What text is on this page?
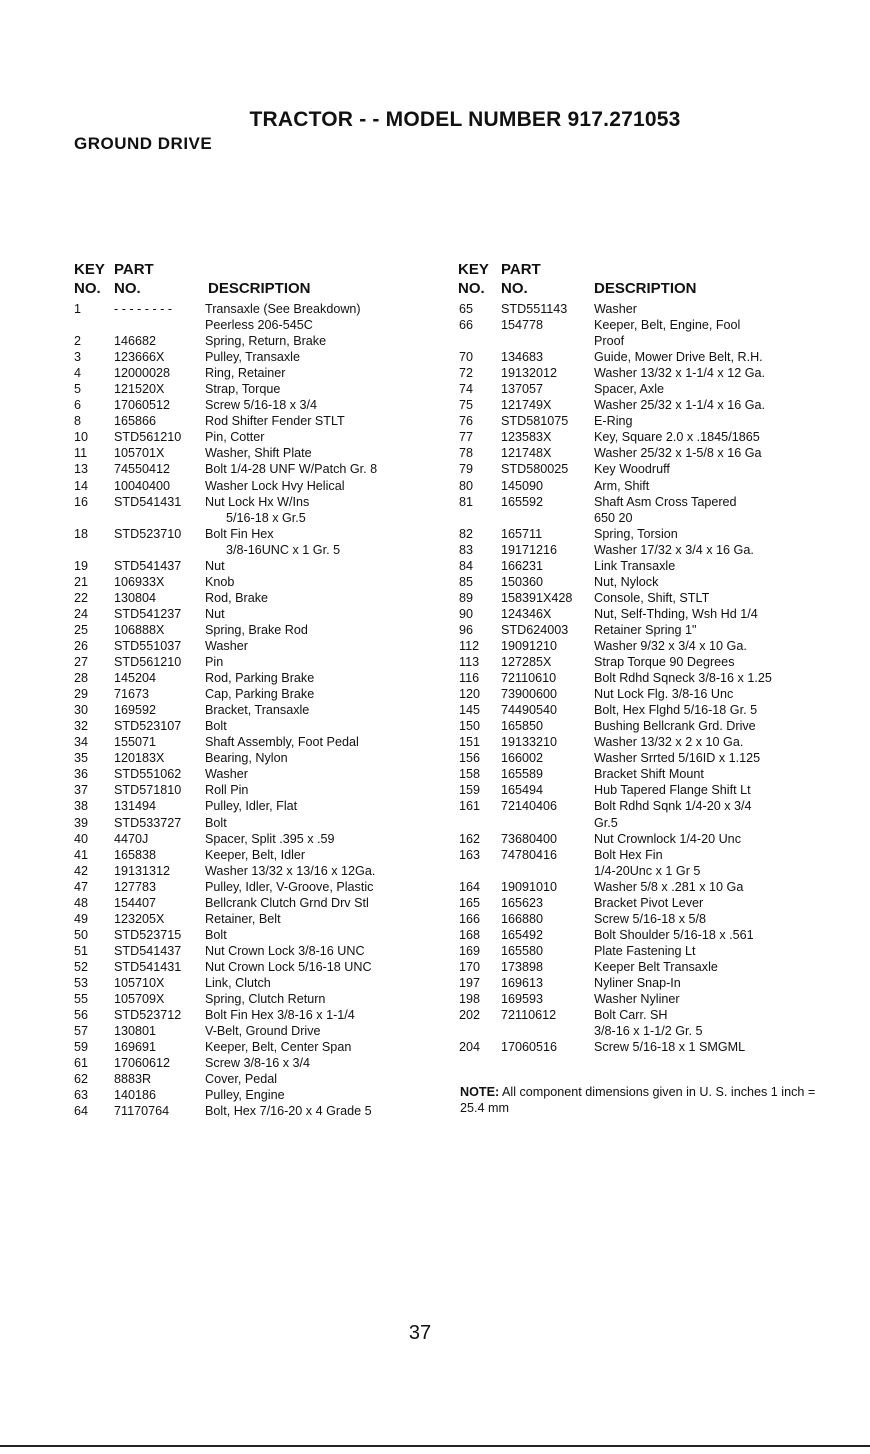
TRACTOR - - MODEL NUMBER 917.271053
GROUND DRIVE
KEY
NO.
PART
NO.	DESCRIPTION
1	- - - - - - - -	Transaxle (See Breakdown)
Peerless 206-545C
2	146682	Spring, Return, Brake
3	123666X	Pulley, Transaxle
4	12000028	Ring, Retainer
5	121520X	Strap, Torque
6	17060512	Screw 5/16-18 x 3/4
8	165866	Rod Shifter Fender STLT
10 STD561210 Pin, Cotter
11 105701X	Washer, Shift Plate
13 74550412	Bolt 1/4-28 UNF W/Patch Gr. 8
14 10040400	Washer Lock Hvy Helical
16 STD541431 Nut Lock Hx W/Ins
5/16-18 x Gr.5
18 STD523710 Bolt Fin Hex
3/8-16UNC x 1 Gr. 5
19 STD541437 Nut
21 106933X	Knob
22 130804	Rod, Brake
24 STD541237 Nut
25 106888X	Spring, Brake Rod
26 STD551037 Washer
27 STD561210 Pin
28 145204	Rod, Parking Brake
29 71673	Cap, Parking Brake
30 169592	Bracket, Transaxle
32 STD523107 Bolt
34 155071	Shaft Assembly, Foot Pedal
35 120183X	Bearing, Nylon
36 STD551062 Washer
37 STD571810 Roll Pin
38 131494	Pulley, Idler, Flat
39 STD533727 Bolt
40 4470J	Spacer, Split .395 x .59
41 165838	Keeper, Belt, Idler
42 19131312	Washer 13/32 x 13/16 x 12Ga.
47 127783	Pulley, Idler, V-Groove, Plastic
48 154407	Bellcrank Clutch Grnd Drv Stl
49 123205X	Retainer, Belt
50 STD523715 Bolt
51 STD541437 Nut Crown Lock 3/8-16 UNC
52 STD541431 Nut Crown Lock 5/16-18 UNC
53 105710X	Link, Clutch
55 105709X	Spring, Clutch Return
56 STD523712 Bolt Fin Hex 3/8-16 x 1-1/4
57 130801	V-Belt, Ground Drive
59 169691	Keeper, Belt, Center Span
61 17060612	Screw 3/8-16 x 3/4
62 8883R	Cover, Pedal
63 140186	Pulley, Engine
64 71170764	Bolt, Hex 7/16-20 x 4 Grade 5
KEY
NO.
PART
NO.	DESCRIPTION
65 STD551143 Washer
66 154778	Keeper, Belt, Engine, Fool
Proof
70 134683	Guide, Mower Drive Belt, R.H.
72 19132012	Washer 13/32 x 1-1/4 x 12 Ga.
74 137057	Spacer, Axle
75 121749X	Washer 25/32 x 1-1/4 x 16 Ga.
76 STD581075 E-Ring
77 123583X	Key, Square 2.0 x .1845/1865
78 121748X	Washer 25/32 x 1-5/8 x 16 Ga
79 STD580025 Key Woodruff
80 145090	Arm, Shift
81 165592	Shaft Asm Cross Tapered
650 20
82 165711	Spring, Torsion
83 19171216	Washer 17/32 x 3/4 x 16 Ga.
84 166231	Link Transaxle
85 150360	Nut, Nylock
89 158391X428 Console, Shift, STLT
90 124346X	Nut, Self-Thding, Wsh Hd 1/4
96 STD624003 Retainer Spring 1"
112 19091210	Washer 9/32 x 3/4 x 10 Ga.
113 127285X	Strap Torque 90 Degrees
116 72110610	Bolt Rdhd Sqneck 3/8-16 x 1.25
120 73900600	Nut Lock Flg. 3/8-16 Unc
145 74490540	Bolt, Hex Flghd 5/16-18 Gr. 5
150 165850	Bushing Bellcrank Grd. Drive
151 19133210	Washer 13/32 x 2 x 10 Ga.
156 166002	Washer Srrted 5/16ID x 1.125
158 165589	Bracket Shift Mount
159 165494	Hub Tapered Flange Shift Lt
161 72140406	Bolt Rdhd Sqnk 1/4-20 x 3/4
Gr.5
162 73680400	Nut Crownlock 1/4-20 Unc
163 74780416	Bolt Hex Fin
1/4-20Unc x 1 Gr 5
164 19091010	Washer 5/8 x .281 x 10 Ga
165 165623	Bracket Pivot Lever
166 166880	Screw 5/16-18 x 5/8
168 165492	Bolt Shoulder 5/16-18 x .561
169 165580	Plate Fastening Lt
170 173898	Keeper Belt Transaxle
197 169613	Nyliner Snap-In
198 169593	Washer Nyliner
202 72110612	Bolt Carr. SH
3/8-16 x 1-1/2 Gr. 5
204 17060516	Screw 5/16-18 x 1 SMGML
NOTE: All component dimensions given in U. S. inches 1 inch = 25.4 mm
37
